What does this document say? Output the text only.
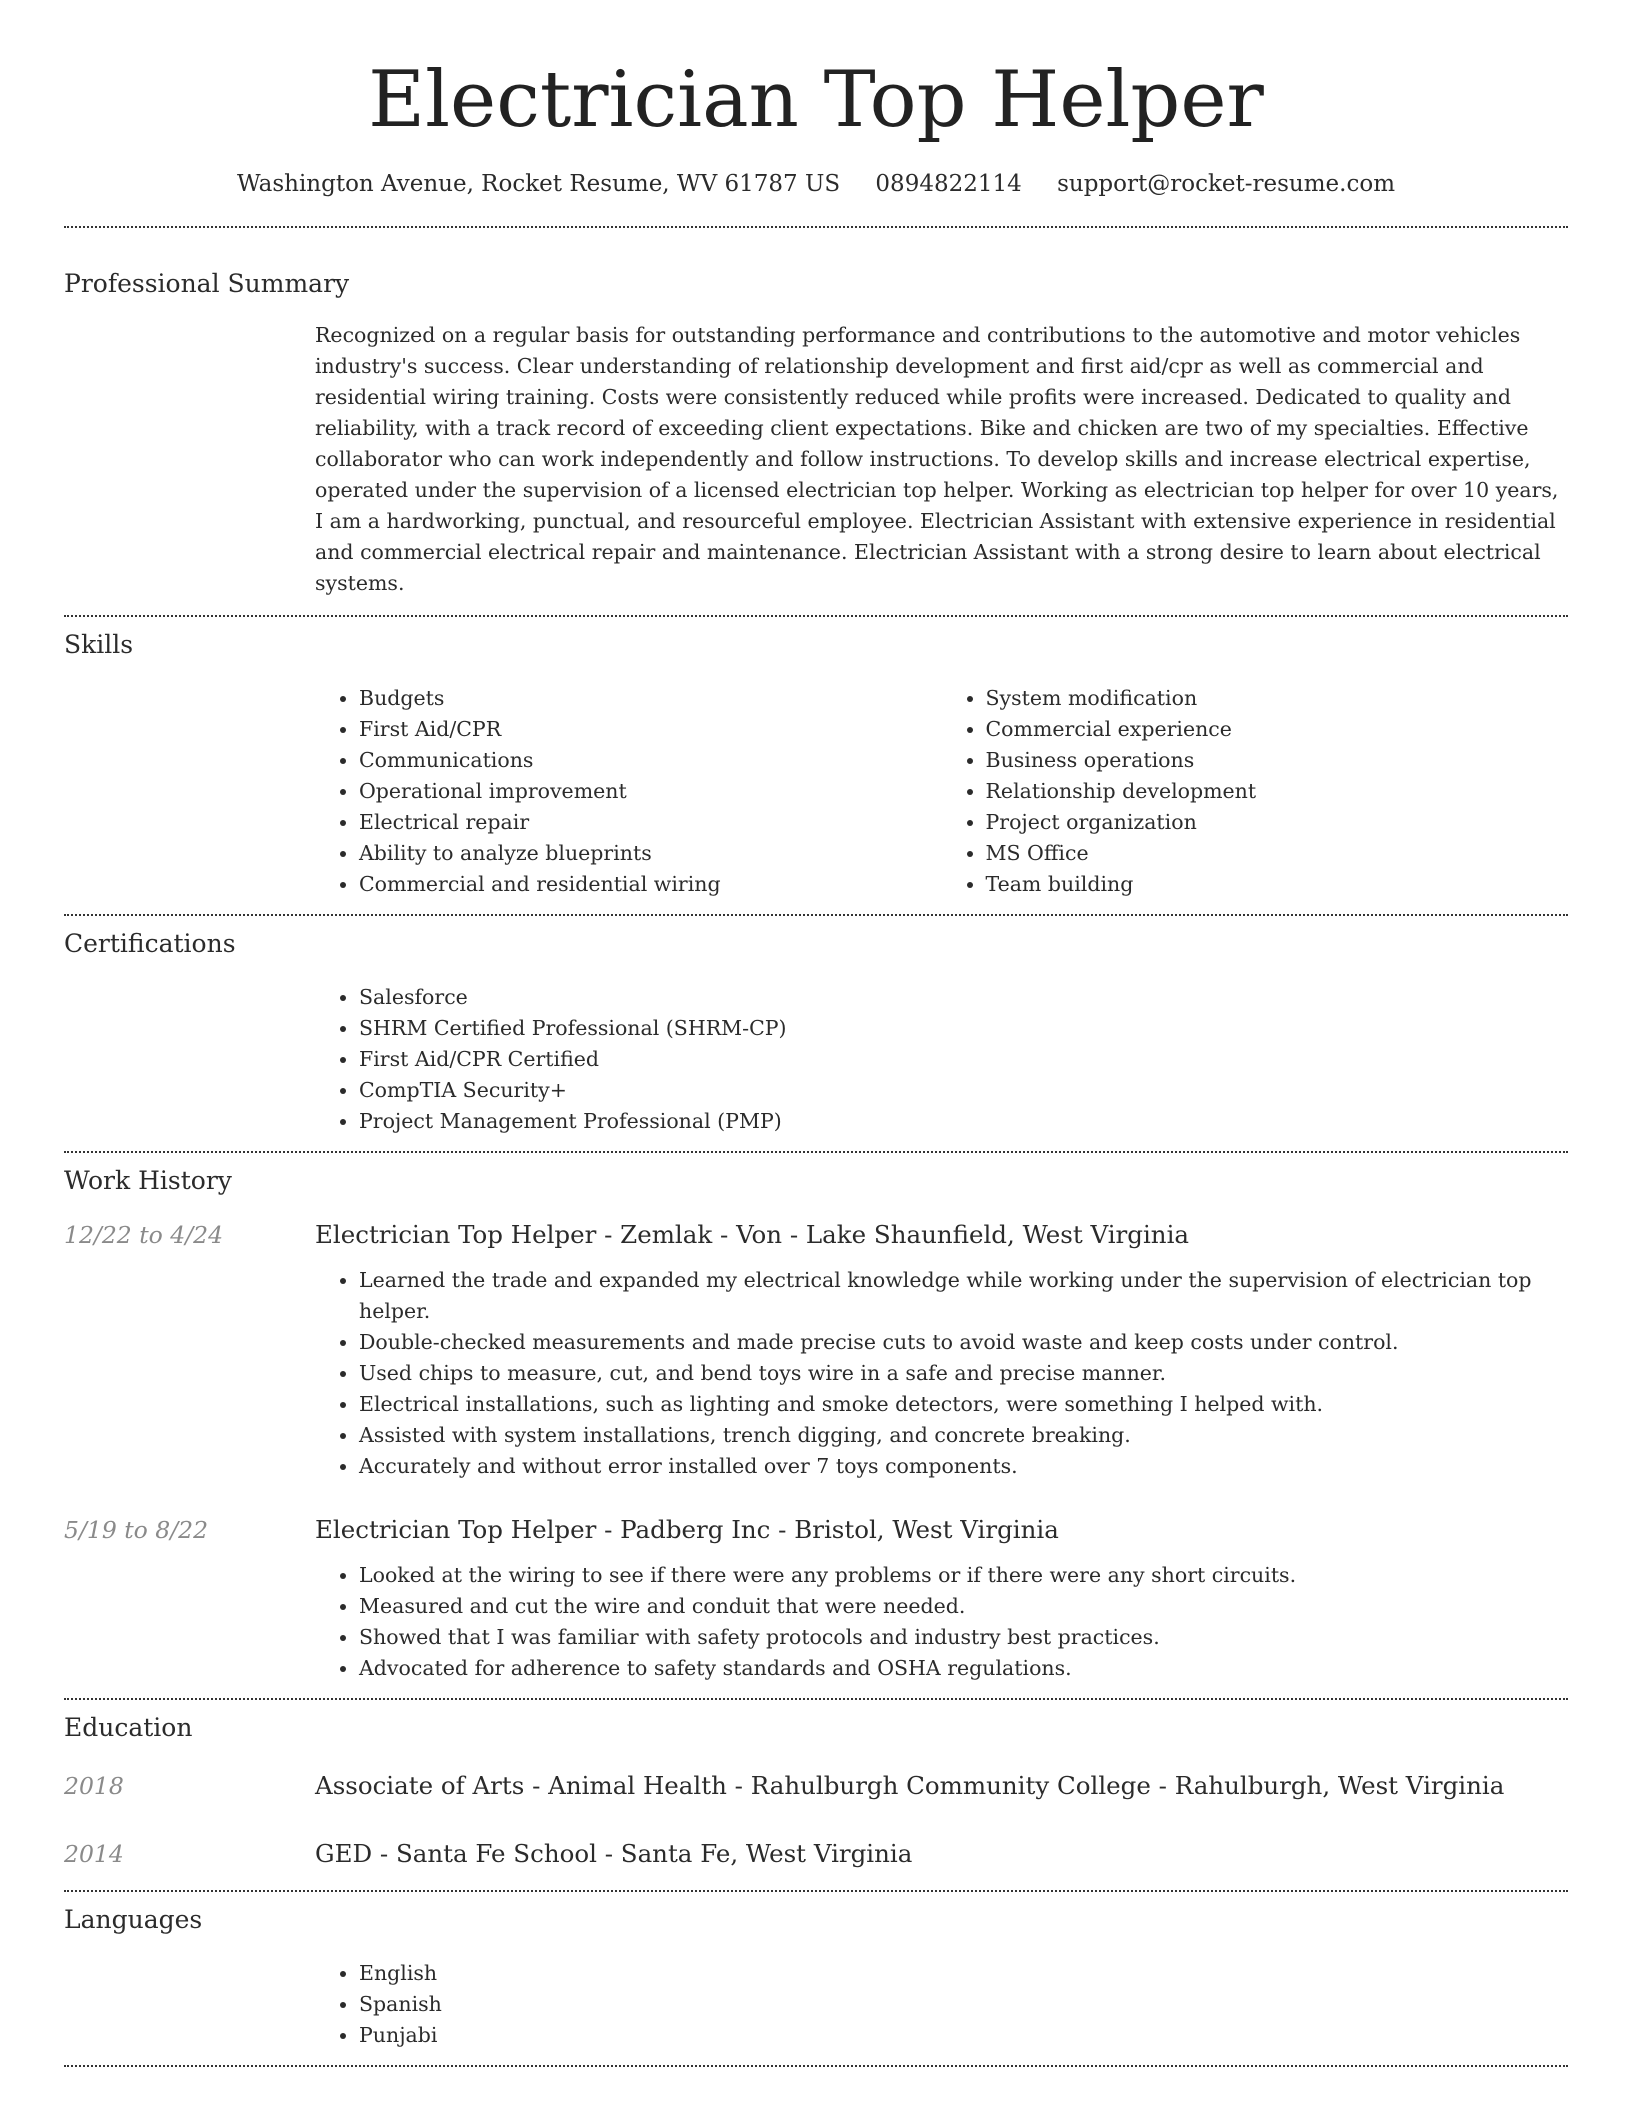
Electrician Top Helper
Washington Avenue, Rocket Resume, WV 61787 US 0894822114 support@rocket-resume.com
Professional Summary

Recognized on a regular basis for outstanding performance and contributions to the automotive and motor vehicles industry's success. Clear understanding of relationship development and first aid/cpr as well as commercial and residential wiring training. Costs were consistently reduced while profits were increased. Dedicated to quality and reliability, with a track record of exceeding client expectations. Bike and chicken are two of my specialties. Effective collaborator who can work independently and follow instructions. To develop skills and increase electrical expertise, operated under the supervision of a licensed electrician top helper. Working as electrician top helper for over 10 years, I am a hardworking, punctual, and resourceful employee. Electrician Assistant with extensive experience in residential and commercial electrical repair and maintenance. Electrician Assistant with a strong desire to learn about electrical systems.

Skills
• Budgets
• First Aid/CPR
• Communications
• Operational improvement
• Electrical repair
• Ability to analyze blueprints
• Commercial and residential wiring
• System modification
• Commercial experience
• Business operations
• Relationship development
• Project organization
• MS Office
• Team building
Certifications
• Salesforce
• SHRM Certified Professional (SHRM-CP)
• First Aid/CPR Certified
• CompTIA Security+
• Project Management Professional (PMP)
Work History
12/22 to 4/24	Electrician Top Helper - Zemlak - Von - Lake Shaunfield, West Virginia
• Learned the trade and expanded my electrical knowledge while working under the supervision of electrician top helper.
• Double-checked measurements and made precise cuts to avoid waste and keep costs under control.
• Used chips to measure, cut, and bend toys wire in a safe and precise manner.
• Electrical installations, such as lighting and smoke detectors, were something I helped with.
• Assisted with system installations, trench digging, and concrete breaking.
• Accurately and without error installed over 7 toys components.
5/19 to 8/22	Electrician Top Helper - Padberg Inc - Bristol, West Virginia
• Looked at the wiring to see if there were any problems or if there were any short circuits.
• Measured and cut the wire and conduit that were needed.
• Showed that I was familiar with safety protocols and industry best practices.
• Advocated for adherence to safety standards and OSHA regulations.
Education
2018	Associate of Arts - Animal Health - Rahulburgh Community College - Rahulburgh, West Virginia
2014	GED - Santa Fe School - Santa Fe, West Virginia
Languages
• English
• Spanish
• Punjabi
